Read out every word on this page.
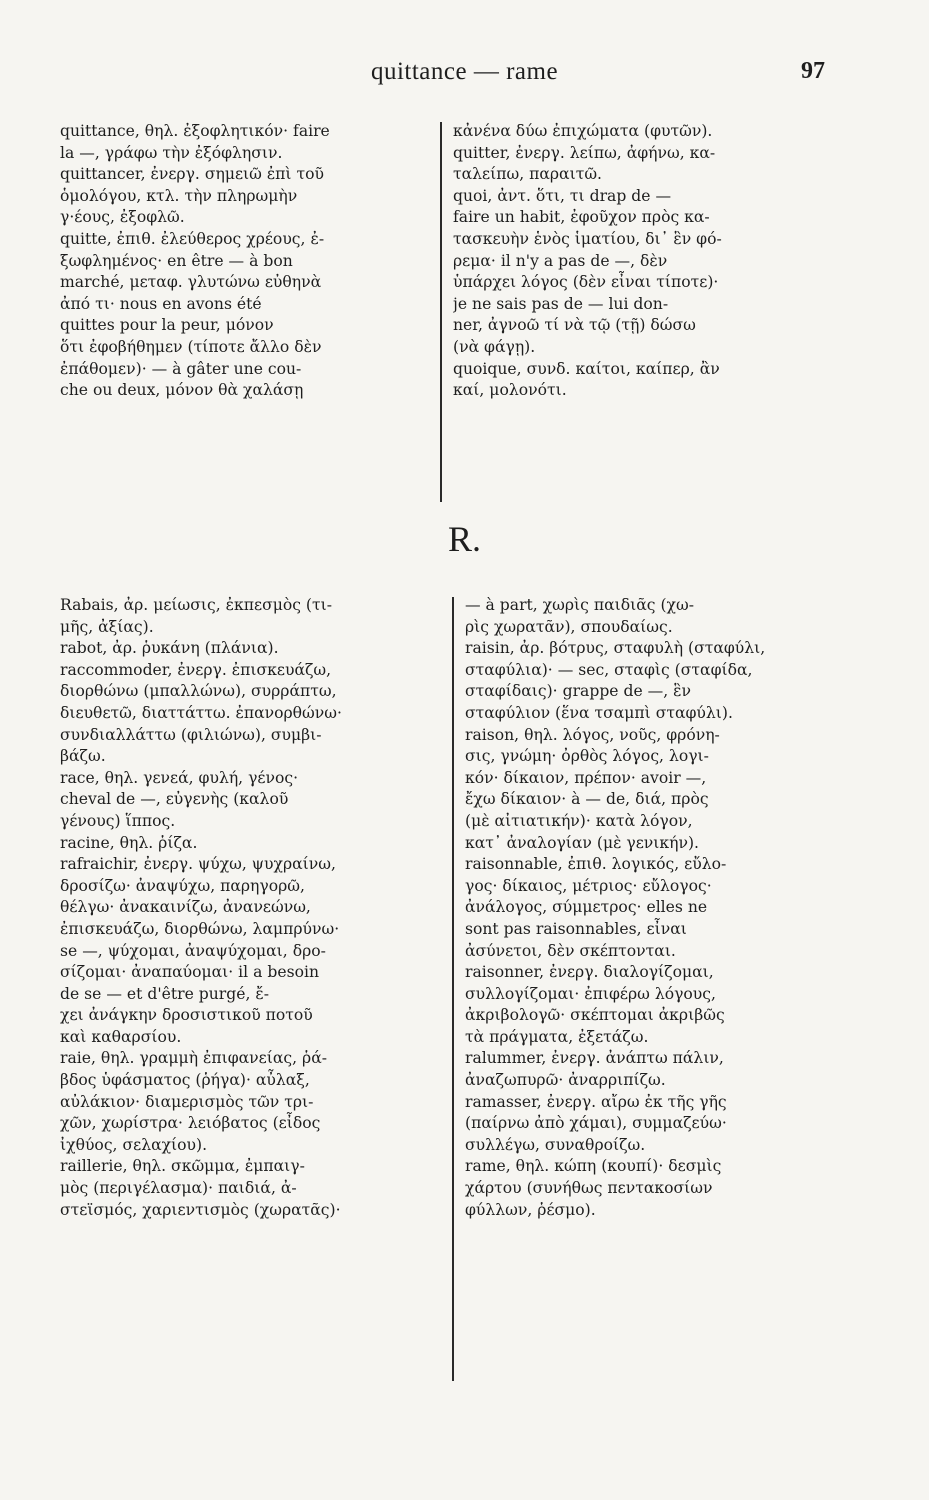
quittance — rame	97

quittance, θηλ. ἐξοφλητικόν· faire

la —, γράφω τὴν ἐξόφλησιν.

quittancer, ἐνεργ. σημειῶ ἐπὶ τοῦ

ὁμολόγου, κτλ. τὴν πληρωμὴν

γ·έους, ἐξοφλῶ.

quitte, ἐπιθ. ἐλεύθερος χρέους, ἐ-

ξωφλημένος· en être — à bon

marché, μεταφ. γλυτώνω εὐθηνὰ

ἀπό τι· nous en avons été

quittes pour la peur, μόνον

ὅτι ἐφοβήθημεν (τίποτε ἄλλο δὲν

ἐπάθομεν)· — à gâter une cou-

che ou deux, μόνον θὰ χαλάσῃ

κἀνένα δύω ἐπιχώματα (φυτῶν).

quitter, ἐνεργ. λείπω, ἀφήνω, κα-

ταλείπω, παραιτῶ.

quoi, ἀντ. ὅτι, τι drap de —

faire un habit, ἐφοῦχον πρὸς κα-

τασκευὴν ἑνὸς ἱματίου, δι᾽ ἓν φό-

ρεμα· il n'y a pas de —, δὲν

ὑπάρχει λόγος (δὲν εἶναι τίποτε)·

je ne sais pas de — lui don-

ner, ἀγνοῶ τί νὰ τῷ (τῇ) δώσω

(νὰ φάγῃ).

quoique, συνδ. καίτοι, καίπερ, ἂν

καί, μολονότι.

R.

Rabais, ἀρ. μείωσις, ἐκπεσμὸς (τι-

μῆς, ἀξίας).

rabot, ἀρ. ῥυκάνη (πλάνια).

raccommoder, ἐνεργ. ἐπισκευάζω,

διορθώνω (μπαλλώνω), συρράπτω,

διευθετῶ, διαττάττω. ἐπανορθώνω·

συνδιαλλάττω (φιλιώνω), συμβι-

βάζω.

race, θηλ. γενεά, φυλή, γένος·

cheval de —, εὐγενὴς (καλοῦ

γένους) ἵππος.

racine, θηλ. ῥίζα.

rafraichir, ἐνεργ. ψύχω, ψυχραίνω,

δροσίζω· ἀναψύχω, παρηγορῶ,

θέλγω· ἀνακαινίζω, ἀνανεώνω,

ἐπισκευάζω, διορθώνω, λαμπρύνω·

se —, ψύχομαι, ἀναψύχομαι, δρο-

σίζομαι· ἀναπαύομαι· il a besoin

de se — et d'être purgé, ἔ-

χει ἀνάγκην δροσιστικοῦ ποτοῦ

καὶ καθαρσίου.

raie, θηλ. γραμμὴ ἐπιφανείας, ῥά-

βδος ὑφάσματος (ῥήγα)· αὖλαξ,

αὐλάκιον· διαμερισμὸς τῶν τρι-

χῶν, χωρίστρα· λειόβατος (εἶδος

ἰχθύος, σελαχίου).

raillerie, θηλ. σκῶμμα, ἐμπαιγ-

μὸς (περιγέλασμα)· παιδιά, ἀ-

στεϊσμός, χαριεντισμὸς (χωρατᾶς)·

— à part, χωρὶς παιδιᾶς (χω-

ρὶς χωρατᾶν), σπουδαίως.

raisin, ἀρ. βότρυς, σταφυλὴ (σταφύλι,

σταφύλια)· — sec, σταφὶς (σταφίδα,

σταφίδαις)· grappe de —, ἓν

σταφύλιον (ἕνα τσαμπὶ σταφύλι).

raison, θηλ. λόγος, νοῦς, φρόνη-

σις, γνώμη· ὀρθὸς λόγος, λογι-

κόν· δίκαιον, πρέπον· avoir —,

ἔχω δίκαιον· à — de, διά, πρὸς

(μὲ αἰτιατικήν)· κατὰ λόγον,

κατ᾽ ἀναλογίαν (μὲ γενικήν).

raisonnable, ἐπιθ. λογικός, εὔλο-

γος· δίκαιος, μέτριος· εὔλογος·

ἀνάλογος, σύμμετρος· elles ne

sont pas raisonnables, εἶναι

ἀσύνετοι, δὲν σκέπτονται.

raisonner, ἐνεργ. διαλογίζομαι,

συλλογίζομαι· ἐπιφέρω λόγους,

ἀκριβολογῶ· σκέπτομαι ἀκριβῶς

τὰ πράγματα, ἐξετάζω.

ralummer, ἐνεργ. ἀνάπτω πάλιν,

ἀναζωπυρῶ· ἀναρριπίζω.

ramasser, ἐνεργ. αἴρω ἐκ τῆς γῆς

(παίρνω ἀπὸ χάμαι), συμμαζεύω·

συλλέγω, συναθροίζω.

rame, θηλ. κώπη (κουπί)· δεσμὶς

χάρτου (συνήθως πεντακοσίων

φύλλων, ῥέσμο).
